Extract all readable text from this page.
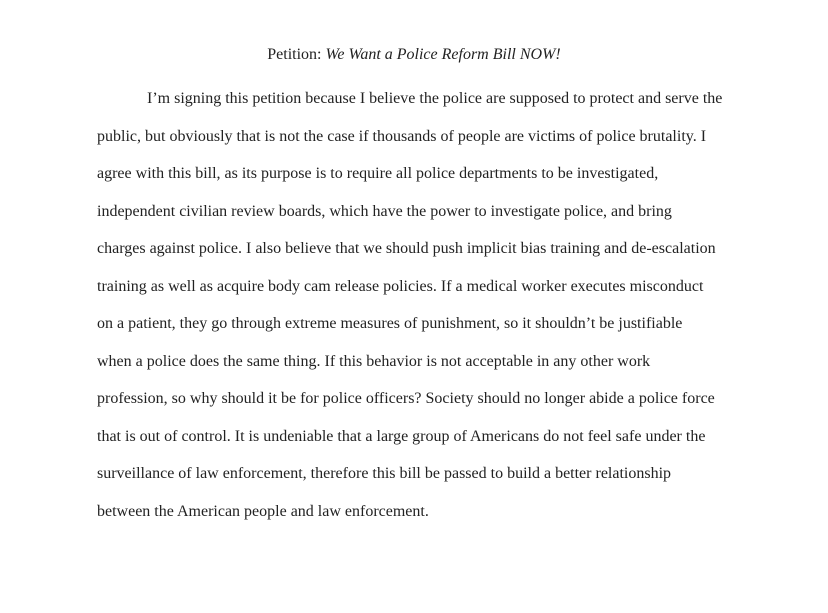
Petition: We Want a Police Reform Bill NOW!
I’m signing this petition because I believe the police are supposed to protect and serve the
public, but obviously that is not the case if thousands of people are victims of police brutality. I
agree with this bill, as its purpose is to require all police departments to be investigated,
independent civilian review boards, which have the power to investigate police, and bring
charges against police. I also believe that we should push implicit bias training and de-escalation
training as well as acquire body cam release policies. If a medical worker executes misconduct
on a patient, they go through extreme measures of punishment, so it shouldn’t be justifiable
when a police does the same thing. If this behavior is not acceptable in any other work
profession, so why should it be for police officers? Society should no longer abide a police force
that is out of control. It is undeniable that a large group of Americans do not feel safe under the
surveillance of law enforcement, therefore this bill be passed to build a better relationship
between the American people and law enforcement.
